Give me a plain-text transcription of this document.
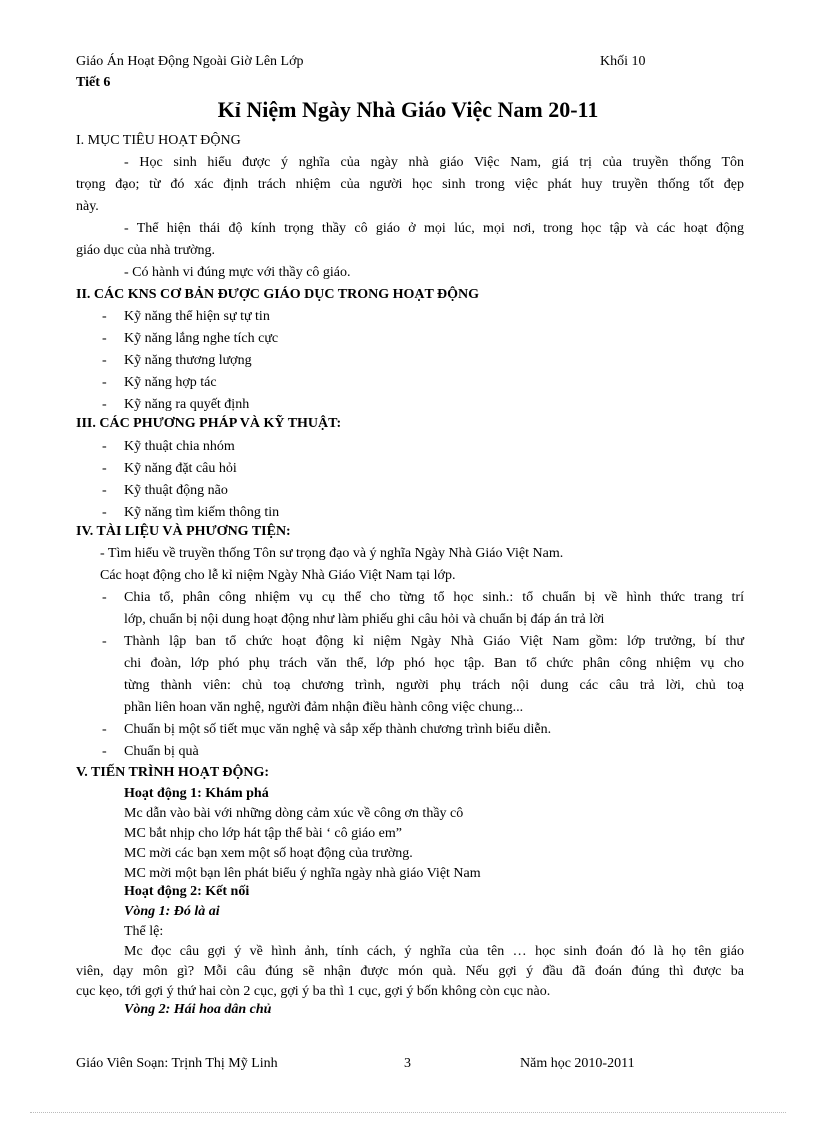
Giáo Án Hoạt Động Ngoài Giờ Lên Lớp	Khối 10
Tiết 6
Kỉ Niệm Ngày Nhà Giáo Việc Nam 20-11
I. MỤC TIÊU HOẠT ĐỘNG
- Học sinh hiểu được ý nghĩa của ngày nhà giáo Việc Nam, giá trị của truyền thống Tôn
trọng đạo; từ đó xác định trách nhiệm của người học sinh trong việc phát huy truyền thống tốt đẹp
này.
- Thể hiện thái độ kính trọng thầy cô giáo ở mọi lúc, mọi nơi, trong học tập và các hoạt động
giáo dục của nhà trường.
- Có hành vi đúng mực với thầy cô giáo.
II. CÁC KNS CƠ BẢN ĐƯỢC GIÁO DỤC TRONG HOẠT ĐỘNG
- Kỹ năng thể hiện sự tự tin
- Kỹ năng lắng nghe tích cực
- Kỹ năng thương lượng
- Kỹ năng hợp tác
- Kỹ năng ra quyết định
III. CÁC PHƯƠNG PHÁP VÀ KỸ THUẬT:
- Kỹ thuật chia nhóm
- Kỹ năng đặt câu hỏi
- Kỹ thuật động não
- Kỹ năng tìm kiếm thông tin
IV. TÀI LIỆU VÀ PHƯƠNG TIỆN:
- Tìm hiểu về truyền thống Tôn sư trọng đạo và ý nghĩa Ngày Nhà Giáo Việt Nam.
Các hoạt động cho lễ kỉ niệm Ngày Nhà Giáo Việt Nam tại lớp.
- Chia tổ, phân công nhiệm vụ cụ thể cho từng tổ học sinh.: tổ chuẩn bị về hình thức trang trí
lớp, chuẩn bị nội dung hoạt động như làm phiếu ghi câu hỏi và chuẩn bị đáp án trả lời
- Thành lập ban tổ chức hoạt động kỉ niệm Ngày Nhà Giáo Việt Nam gồm: lớp trưởng, bí thư
chi đoàn, lớp phó phụ trách văn thể, lớp phó học tập. Ban tổ chức phân công nhiệm vụ cho
từng thành viên: chủ toạ chương trình, người phụ trách nội dung các câu trả lời, chủ toạ
phần liên hoan văn nghệ, người đảm nhận điều hành công việc chung...
- Chuẩn bị một số tiết mục văn nghệ và sắp xếp thành chương trình biểu diễn.
- Chuẩn bị quà
V. TIẾN TRÌNH HOẠT ĐỘNG:
Hoạt động 1: Khám phá
Mc dẫn vào bài với những dòng cảm xúc về công ơn thầy cô
MC bắt nhịp cho lớp hát tập thể bài ‘ cô giáo em”
MC mời các bạn xem một số hoạt động của trường.
MC mời một bạn lên phát biểu ý nghĩa ngày nhà giáo Việt Nam
Hoạt động 2: Kết nối
Vòng 1: Đó là ai
Thể lệ:
Mc đọc câu gợi ý về hình ảnh, tính cách, ý nghĩa của tên … học sinh đoán đó là họ tên giáo
viên, dạy môn gì? Mỗi câu đúng sẽ nhận được món quà. Nếu gợi ý đầu đã đoán đúng thì được ba
cục kẹo, tới gợi ý thứ hai còn 2 cục, gợi ý ba thì 1 cục, gợi ý bốn không còn cục nào.
Vòng 2: Hái hoa dân chủ
Giáo Viên Soạn: Trịnh Thị Mỹ Linh	3	Năm học 2010-2011
